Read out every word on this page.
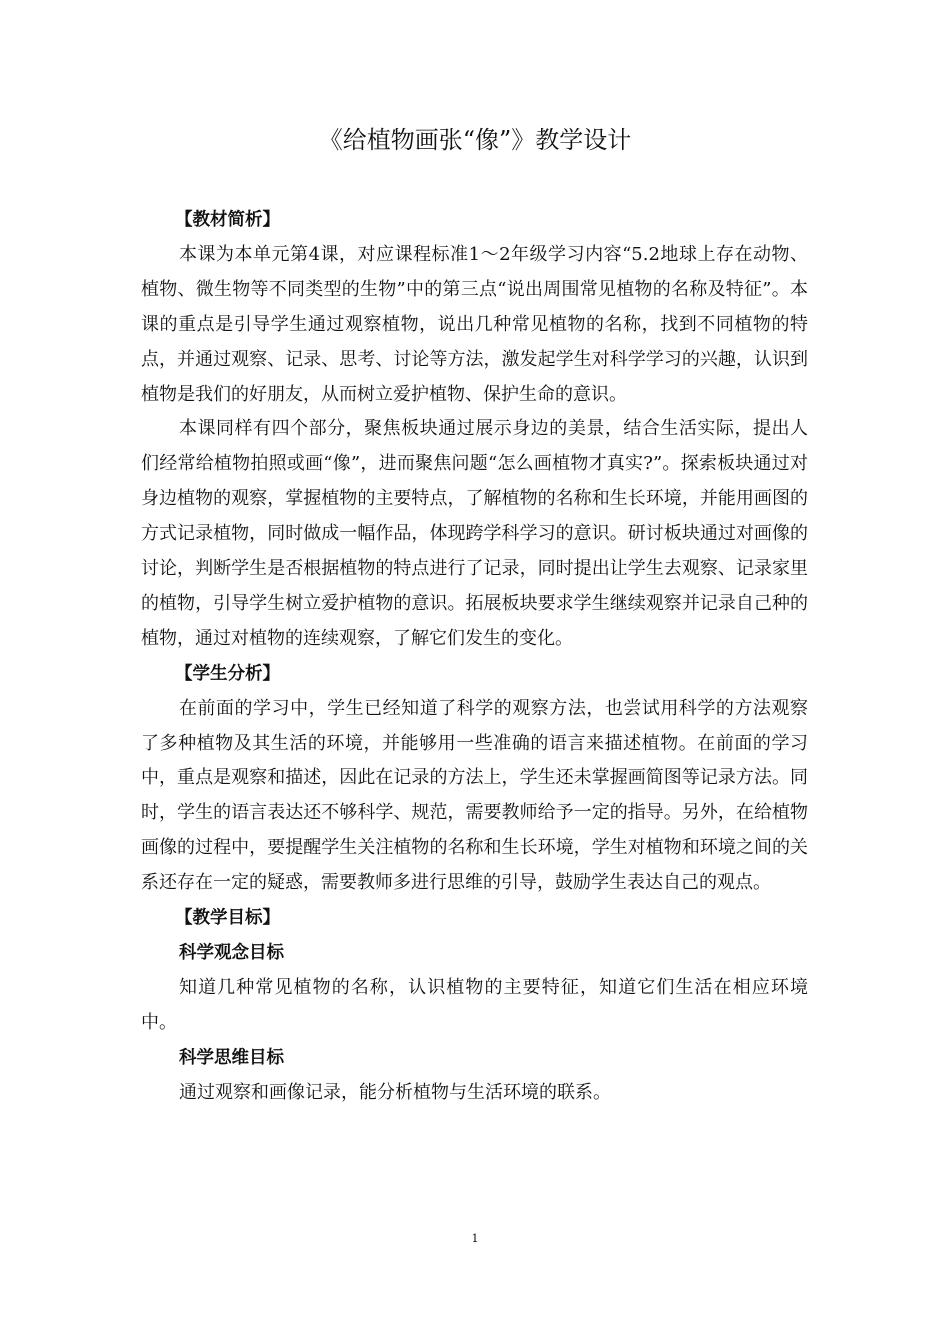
《给植物画张“像”》教学设计
【教材简析】

本课为本单元第4课，对应课程标准1～2年级学习内容“5.2地球上存在动物、植物、微生物等不同类型的生物”中的第三点“说出周围常见植物的名称及特征”。本课的重点是引导学生通过观察植物，说出几种常见植物的名称，找到不同植物的特点，并通过观察、记录、思考、讨论等方法，激发起学生对科学学习的兴趣，认识到植物是我们的好朋友，从而树立爱护植物、保护生命的意识。

本课同样有四个部分，聚焦板块通过展示身边的美景，结合生活实际，提出人们经常给植物拍照或画“像”，进而聚焦问题“怎么画植物才真实?”。探索板块通过对身边植物的观察，掌握植物的主要特点，了解植物的名称和生长环境，并能用画图的方式记录植物，同时做成一幅作品，体现跨学科学习的意识。研讨板块通过对画像的讨论，判断学生是否根据植物的特点进行了记录，同时提出让学生去观察、记录家里的植物，引导学生树立爱护植物的意识。拓展板块要求学生继续观察并记录自己种的植物，通过对植物的连续观察，了解它们发生的变化。

【学生分析】

在前面的学习中，学生已经知道了科学的观察方法，也尝试用科学的方法观察了多种植物及其生活的环境，并能够用一些准确的语言来描述植物。在前面的学习中，重点是观察和描述，因此在记录的方法上，学生还未掌握画简图等记录方法。同时，学生的语言表达还不够科学、规范，需要教师给予一定的指导。另外，在给植物画像的过程中，要提醒学生关注植物的名称和生长环境，学生对植物和环境之间的关系还存在一定的疑惑，需要教师多进行思维的引导，鼓励学生表达自己的观点。

【教学目标】
科学观念目标

知道几种常见植物的名称，认识植物的主要特征，知道它们生活在相应环境中。

科学思维目标

通过观察和画像记录，能分析植物与生活环境的联系。

1
